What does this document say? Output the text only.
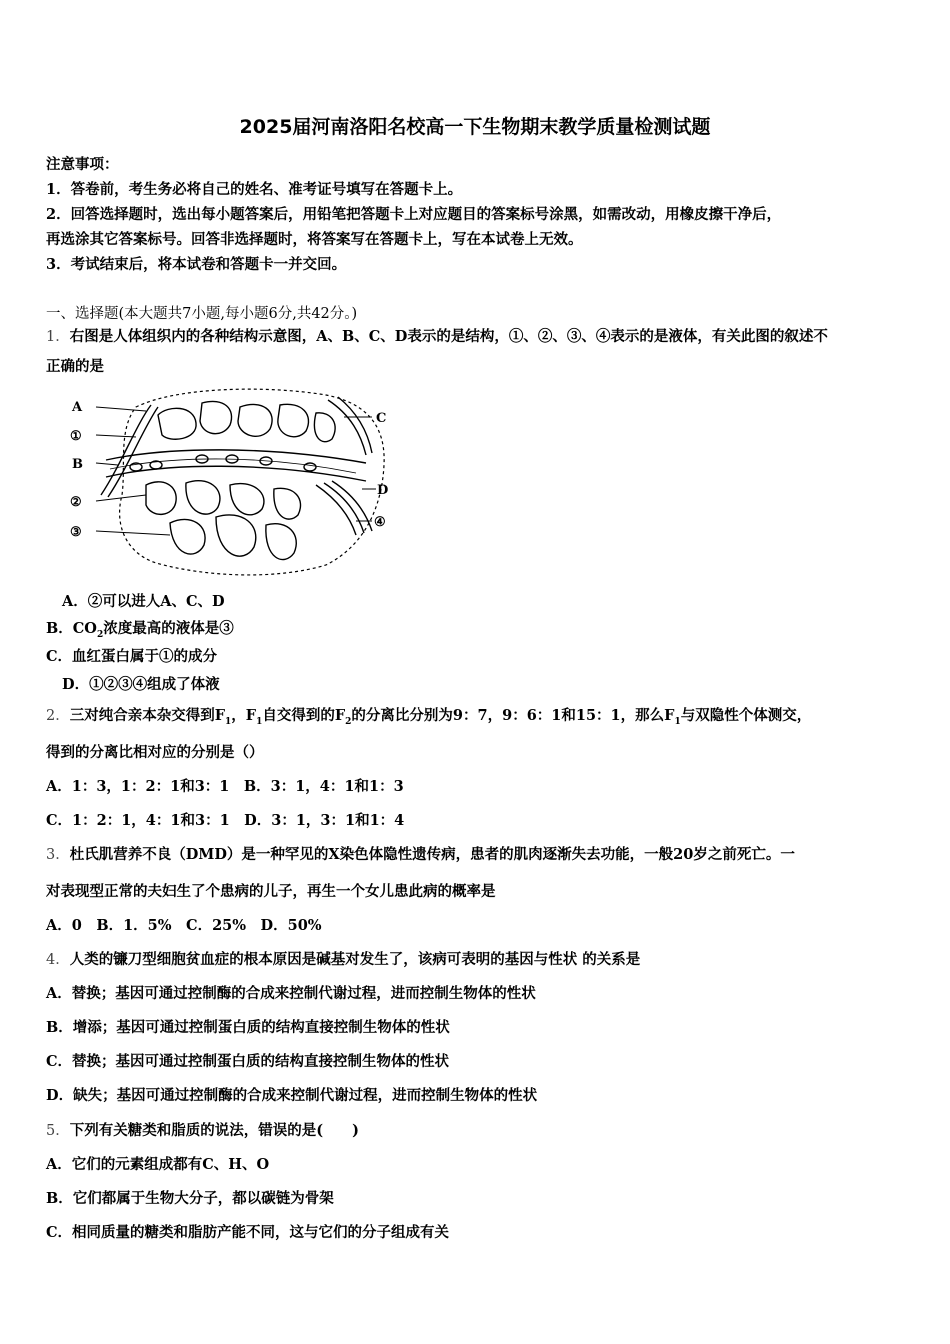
2025届河南洛阳名校高一下生物期末教学质量检测试题
注意事项：
1．答卷前，考生务必将自己的姓名、准考证号填写在答题卡上。
2．回答选择题时，选出每小题答案后，用铅笔把答题卡上对应题目的答案标号涂黑，如需改动，用橡皮擦干净后，
再选涂其它答案标号。回答非选择题时，将答案写在答题卡上，写在本试卷上无效。
3．考试结束后，将本试卷和答题卡一并交回。
一、选择题(本大题共7小题,每小题6分,共42分。)
1．右图是人体组织内的各种结构示意图，A、B、C、D表示的是结构，①、②、③、④表示的是液体，有关此图的叙述不
正确的是
A
①
B
②
③
C
D
④
A．②可以进人A、C、D
B．$CO_2$浓度最高的液体是③
C．血红蛋白属于①的成分
D．①②③④组成了体液
2．三对纯合亲本杂交得到$F_1$，$F_1$自交得到的$F_2$的分离比分别为9：7，9：6：1和15：1，那么$F_1$与双隐性个体测交，
得到的分离比相对应的分别是（）
A．1：3，1：2：1和3：1　B．3：1，4：1和1：3
C．1：2：1，4：1和3：1　D．3：1，3：1和1：4
3．杜氏肌营养不良（DMD）是一种罕见的X染色体隐性遗传病，患者的肌肉逐渐失去功能，一般20岁之前死亡。一
对表现型正常的夫妇生了个患病的儿子，再生一个女儿患此病的概率是
A．0　B．1．5%　C．25%　D．50%
4．人类的镰刀型细胞贫血症的根本原因是碱基对发生了，该病可表明的基因与性状 的关系是
A．替换；基因可通过控制酶的合成来控制代谢过程，进而控制生物体的性状
B．增添；基因可通过控制蛋白质的结构直接控制生物体的性状
C．替换；基因可通过控制蛋白质的结构直接控制生物体的性状
D．缺失；基因可通过控制酶的合成来控制代谢过程，进而控制生物体的性状
5．下列有关糖类和脂质的说法，错误的是(　　)
A．它们的元素组成都有C、H、O
B．它们都属于生物大分子，都以碳链为骨架
C．相同质量的糖类和脂肪产能不同，这与它们的分子组成有关
